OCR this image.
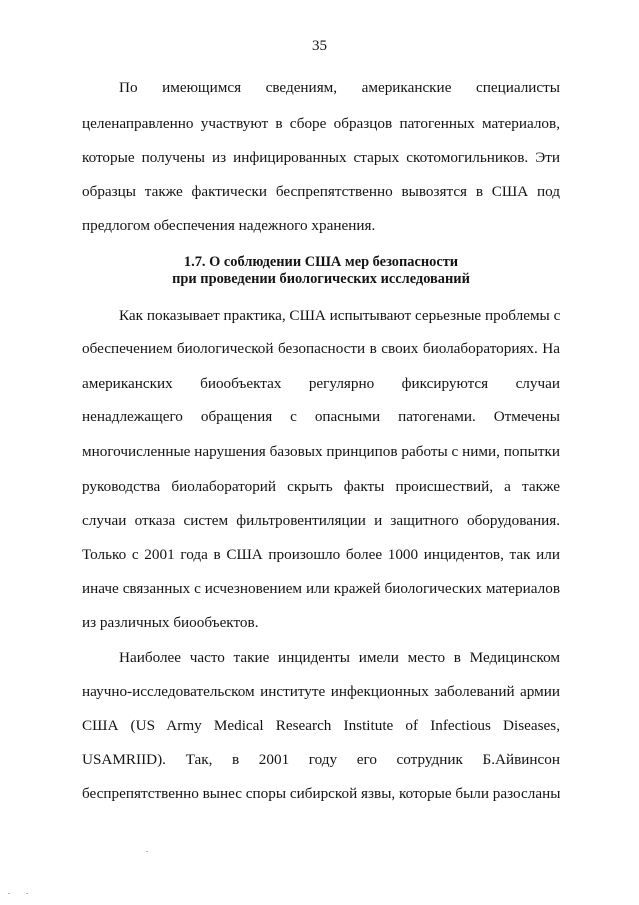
35
По имеющимся сведениям, американские специалисты
целенаправленно участвуют в сборе образцов патогенных материалов,
которые получены из инфицированных старых скотомогильников. Эти
образцы также фактически беспрепятственно вывозятся в США под
предлогом обеспечения надежного хранения.
1.7. О соблюдении США мер безопасности
при проведении биологических исследований
Как показывает практика, США испытывают серьезные проблемы с
обеспечением биологической безопасности в своих биолабораториях. На
американских биообъектах регулярно фиксируются случаи
ненадлежащего обращения с опасными патогенами. Отмечены
многочисленные нарушения базовых принципов работы с ними, попытки
руководства биолабораторий скрыть факты происшествий, а также
случаи отказа систем фильтровентиляции и защитного оборудования.
Только с 2001 года в США произошло более 1000 инцидентов, так или
иначе связанных с исчезновением или кражей биологических материалов
из различных биообъектов.
Наиболее часто такие инциденты имели место в Медицинском
научно-исследовательском институте инфекционных заболеваний армии
США (US Army Medical Research Institute of Infectious Diseases,
USAMRIID). Так, в 2001 году его сотрудник Б.Айвинсон
беспрепятственно вынес споры сибирской язвы, которые были разосланы
